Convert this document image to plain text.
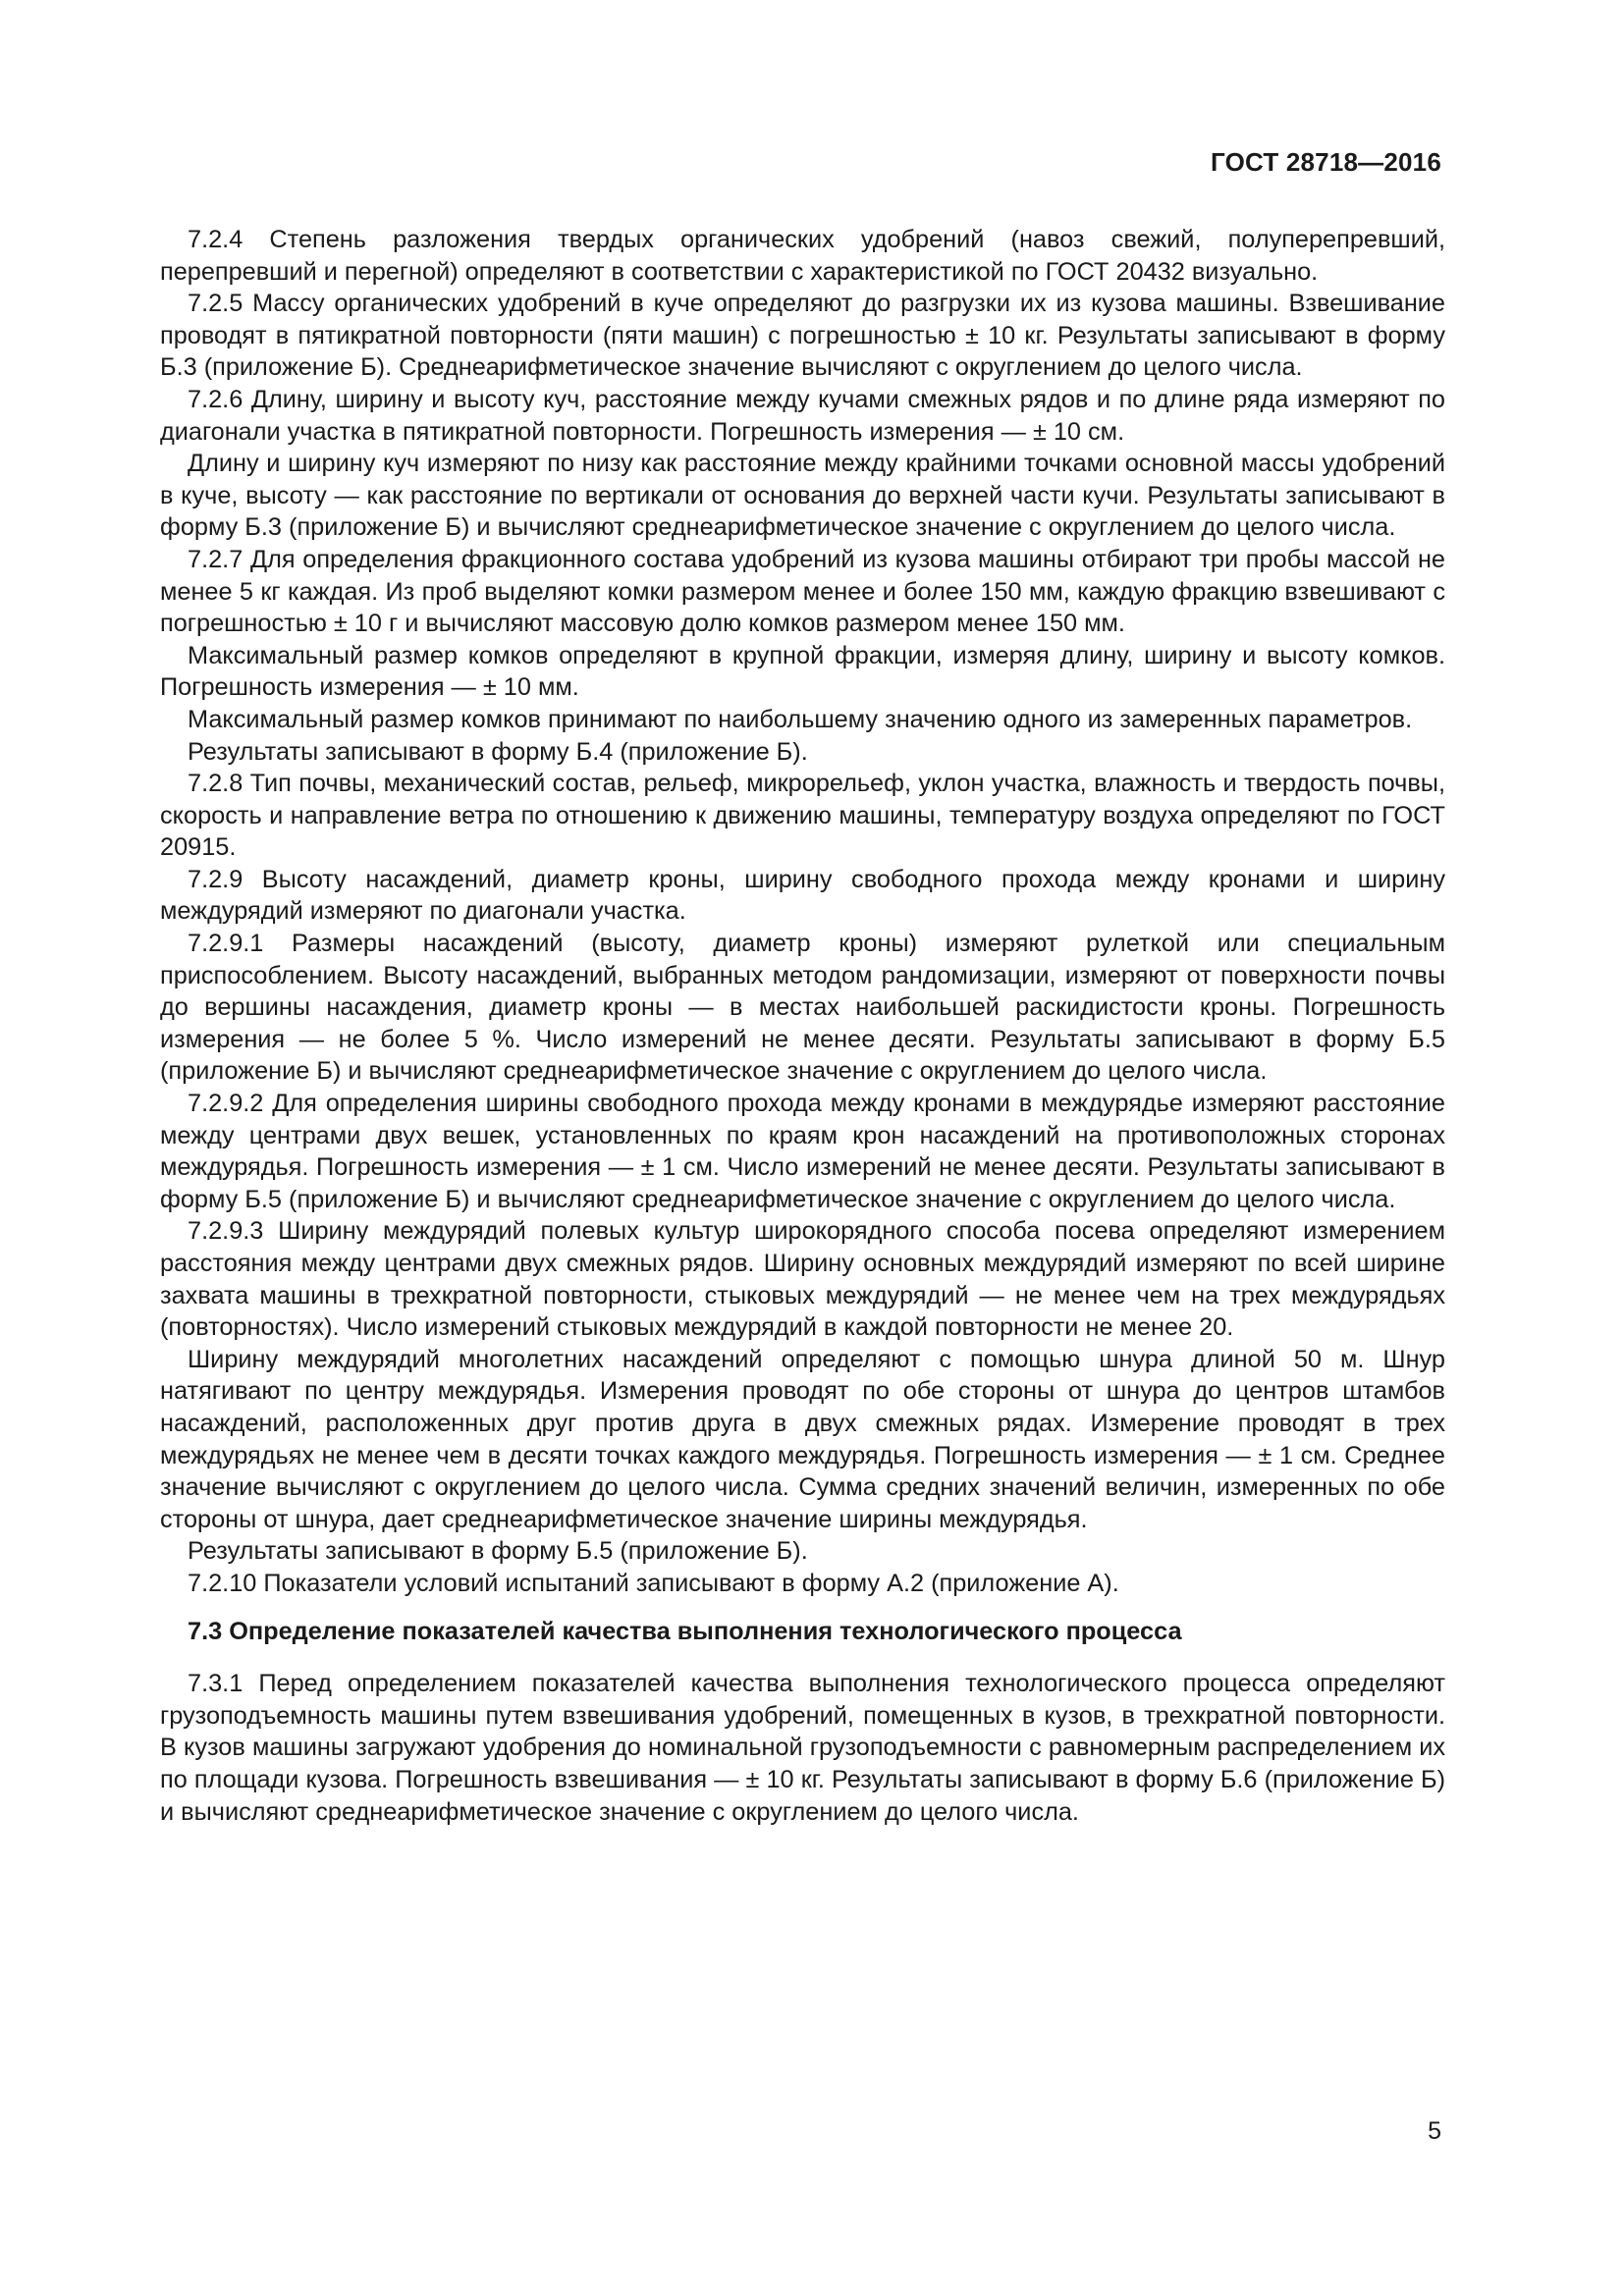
ГОСТ 28718—2016

7.2.4 Степень разложения твердых органических удобрений (навоз свежий, полуперепревший, перепревший и перегной) определяют в соответствии с характеристикой по ГОСТ 20432 визуально.

7.2.5 Массу органических удобрений в куче определяют до разгрузки их из кузова машины. Взвешивание проводят в пятикратной повторности (пяти машин) с погрешностью ± 10 кг. Результаты записывают в форму Б.3 (приложение Б). Среднеарифметическое значение вычисляют с округлением до целого числа.

7.2.6 Длину, ширину и высоту куч, расстояние между кучами смежных рядов и по длине ряда измеряют по диагонали участка в пятикратной повторности. Погрешность измерения — ± 10 см.

Длину и ширину куч измеряют по низу как расстояние между крайними точками основной массы удобрений в куче, высоту — как расстояние по вертикали от основания до верхней части кучи. Результаты записывают в форму Б.3 (приложение Б) и вычисляют среднеарифметическое значение с округлением до целого числа.

7.2.7 Для определения фракционного состава удобрений из кузова машины отбирают три пробы массой не менее 5 кг каждая. Из проб выделяют комки размером менее и более 150 мм, каждую фракцию взвешивают с погрешностью ± 10 г и вычисляют массовую долю комков размером менее 150 мм.

Максимальный размер комков определяют в крупной фракции, измеряя длину, ширину и высоту комков. Погрешность измерения — ± 10 мм.

Максимальный размер комков принимают по наибольшему значению одного из замеренных параметров.

Результаты записывают в форму Б.4 (приложение Б).

7.2.8 Тип почвы, механический состав, рельеф, микрорельеф, уклон участка, влажность и твердость почвы, скорость и направление ветра по отношению к движению машины, температуру воздуха определяют по ГОСТ 20915.

7.2.9 Высоту насаждений, диаметр кроны, ширину свободного прохода между кронами и ширину междурядий измеряют по диагонали участка.

7.2.9.1 Размеры насаждений (высоту, диаметр кроны) измеряют рулеткой или специальным приспособлением. Высоту насаждений, выбранных методом рандомизации, измеряют от поверхности почвы до вершины насаждения, диаметр кроны — в местах наибольшей раскидистости кроны. Погрешность измерения — не более 5 %. Число измерений не менее десяти. Результаты записывают в форму Б.5 (приложение Б) и вычисляют среднеарифметическое значение с округлением до целого числа.

7.2.9.2 Для определения ширины свободного прохода между кронами в междурядье измеряют расстояние между центрами двух вешек, установленных по краям крон насаждений на противоположных сторонах междурядья. Погрешность измерения — ± 1 см. Число измерений не менее десяти. Результаты записывают в форму Б.5 (приложение Б) и вычисляют среднеарифметическое значение с округлением до целого числа.

7.2.9.3 Ширину междурядий полевых культур широкорядного способа посева определяют измерением расстояния между центрами двух смежных рядов. Ширину основных междурядий измеряют по всей ширине захвата машины в трехкратной повторности, стыковых междурядий — не менее чем на трех междурядьях (повторностях). Число измерений стыковых междурядий в каждой повторности не менее 20.

Ширину междурядий многолетних насаждений определяют с помощью шнура длиной 50 м. Шнур натягивают по центру междурядья. Измерения проводят по обе стороны от шнура до центров штамбов насаждений, расположенных друг против друга в двух смежных рядах. Измерение проводят в трех междурядьях не менее чем в десяти точках каждого междурядья. Погрешность измерения — ± 1 см. Среднее значение вычисляют с округлением до целого числа. Сумма средних значений величин, измеренных по обе стороны от шнура, дает среднеарифметическое значение ширины междурядья.

Результаты записывают в форму Б.5 (приложение Б).

7.2.10 Показатели условий испытаний записывают в форму А.2 (приложение А).

7.3 Определение показателей качества выполнения технологического процесса

7.3.1 Перед определением показателей качества выполнения технологического процесса определяют грузоподъемность машины путем взвешивания удобрений, помещенных в кузов, в трехкратной повторности. В кузов машины загружают удобрения до номинальной грузоподъемности с равномерным распределением их по площади кузова. Погрешность взвешивания — ± 10 кг. Результаты записывают в форму Б.6 (приложение Б) и вычисляют среднеарифметическое значение с округлением до целого числа.

5
